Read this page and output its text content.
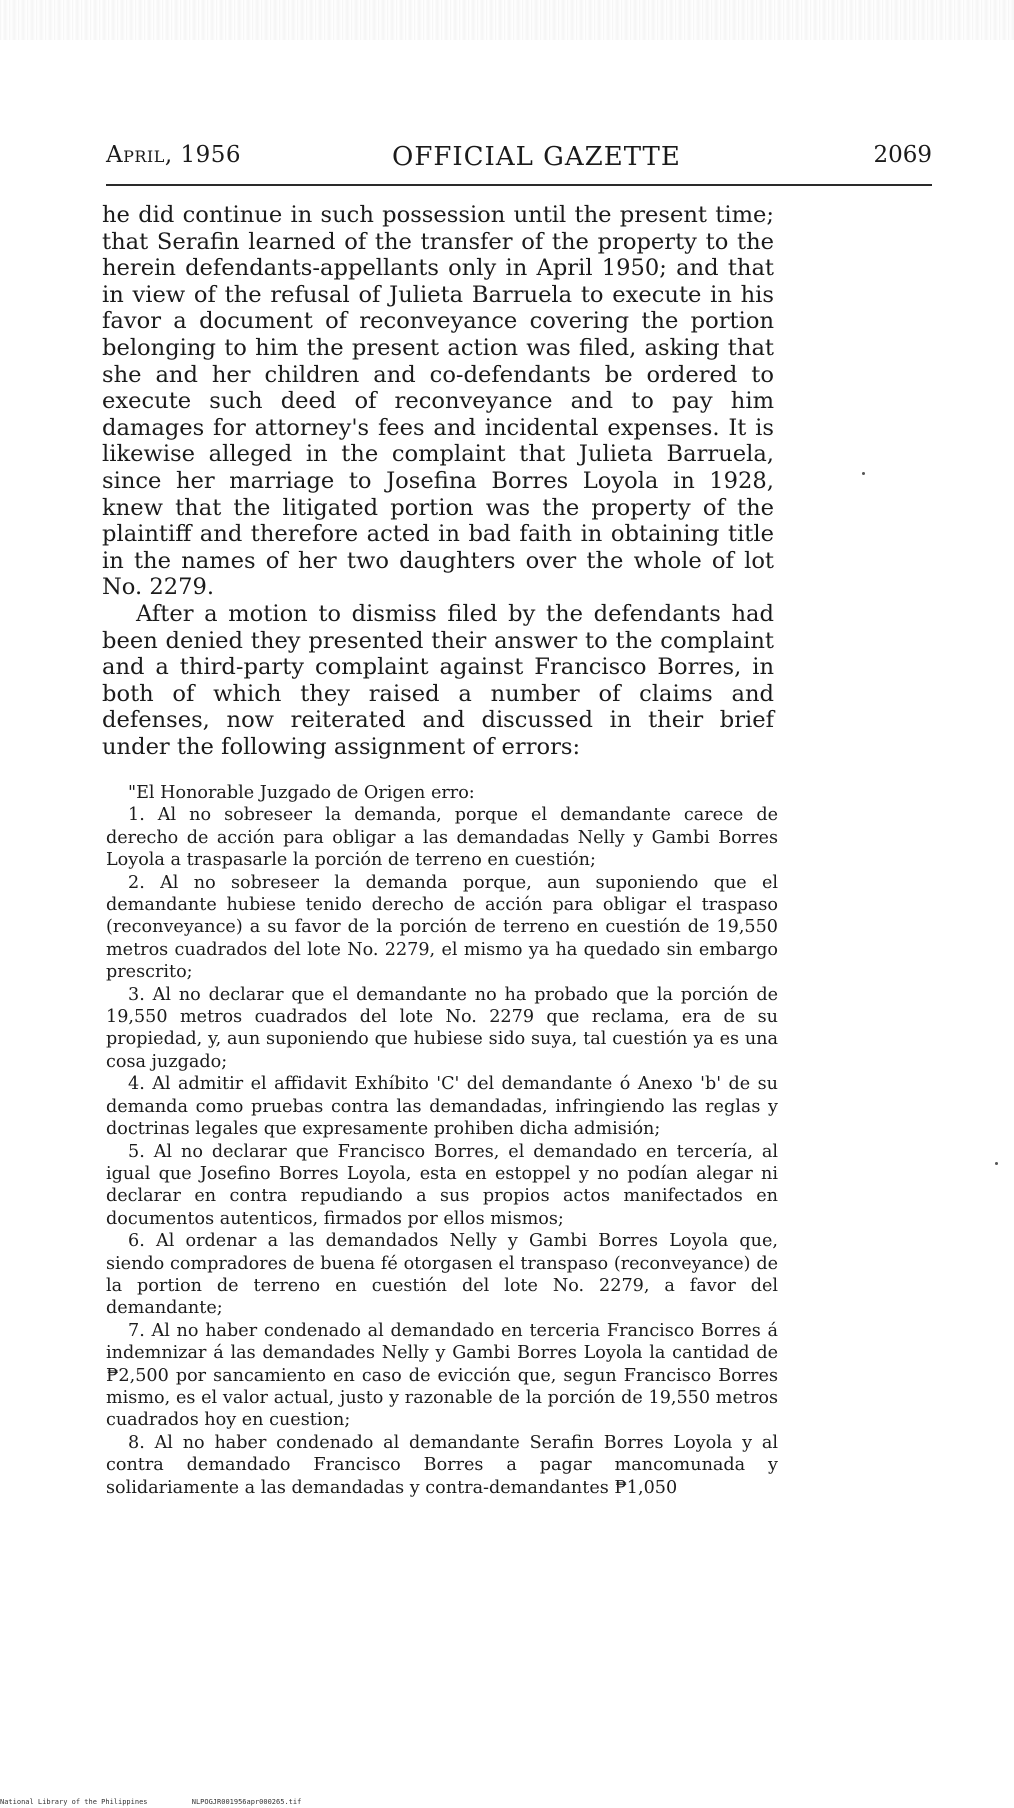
April, 1956	OFFICIAL GAZETTE	2069

he did continue in such possession until the present time; that Serafin learned of the transfer of the property to the herein defendants-appellants only in April 1950; and that in view of the refusal of Julieta Barruela to execute in his favor a document of reconveyance covering the portion belonging to him the present action was filed, asking that she and her children and co-defendants be ordered to execute such deed of reconveyance and to pay him damages for attorney's fees and incidental expenses. It is likewise alleged in the complaint that Julieta Barruela, since her marriage to Josefina Borres Loyola in 1928, knew that the litigated portion was the property of the plaintiff and therefore acted in bad faith in obtaining title in the names of her two daughters over the whole of lot No. 2279.

After a motion to dismiss filed by the defendants had been denied they presented their answer to the complaint and a third-party complaint against Francisco Borres, in both of which they raised a number of claims and defenses, now reiterated and discussed in their brief under the following assignment of errors:

"El Honorable Juzgado de Origen erro:

1. Al no sobreseer la demanda, porque el demandante carece de derecho de acción para obligar a las demandadas Nelly y Gambi Borres Loyola a traspasarle la porción de terreno en cuestión;

2. Al no sobreseer la demanda porque, aun suponiendo que el demandante hubiese tenido derecho de acción para obligar el traspaso (reconveyance) a su favor de la porción de terreno en cuestión de 19,550 metros cuadrados del lote No. 2279, el mismo ya ha quedado sin embargo prescrito;

3. Al no declarar que el demandante no ha probado que la porción de 19,550 metros cuadrados del lote No. 2279 que reclama, era de su propiedad, y, aun suponiendo que hubiese sido suya, tal cuestión ya es una cosa juzgado;

4. Al admitir el affidavit Exhíbito 'C' del demandante ó Anexo 'b' de su demanda como pruebas contra las demandadas, infringiendo las reglas y doctrinas legales que expresamente prohiben dicha admisión;

5. Al no declarar que Francisco Borres, el demandado en tercería, al igual que Josefino Borres Loyola, esta en estoppel y no podían alegar ni declarar en contra repudiando a sus propios actos manifectados en documentos autenticos, firmados por ellos mismos;

6. Al ordenar a las demandados Nelly y Gambi Borres Loyola que, siendo compradores de buena fé otorgasen el transpaso (reconveyance) de la portion de terreno en cuestión del lote No. 2279, a favor del demandante;

7. Al no haber condenado al demandado en terceria Francisco Borres á indemnizar á las demandades Nelly y Gambi Borres Loyola la cantidad de ₱2,500 por sancamiento en caso de evicción que, segun Francisco Borres mismo, es el valor actual, justo y razonable de la porción de 19,550 metros cuadrados hoy en cuestion;

8. Al no haber condenado al demandante Serafin Borres Loyola y al contra demandado Francisco Borres a pagar mancomunada y solidariamente a las demandadas y contra-demandantes ₱1,050

National Library of the Philippines	NLPOGJR001956apr000265.tif
